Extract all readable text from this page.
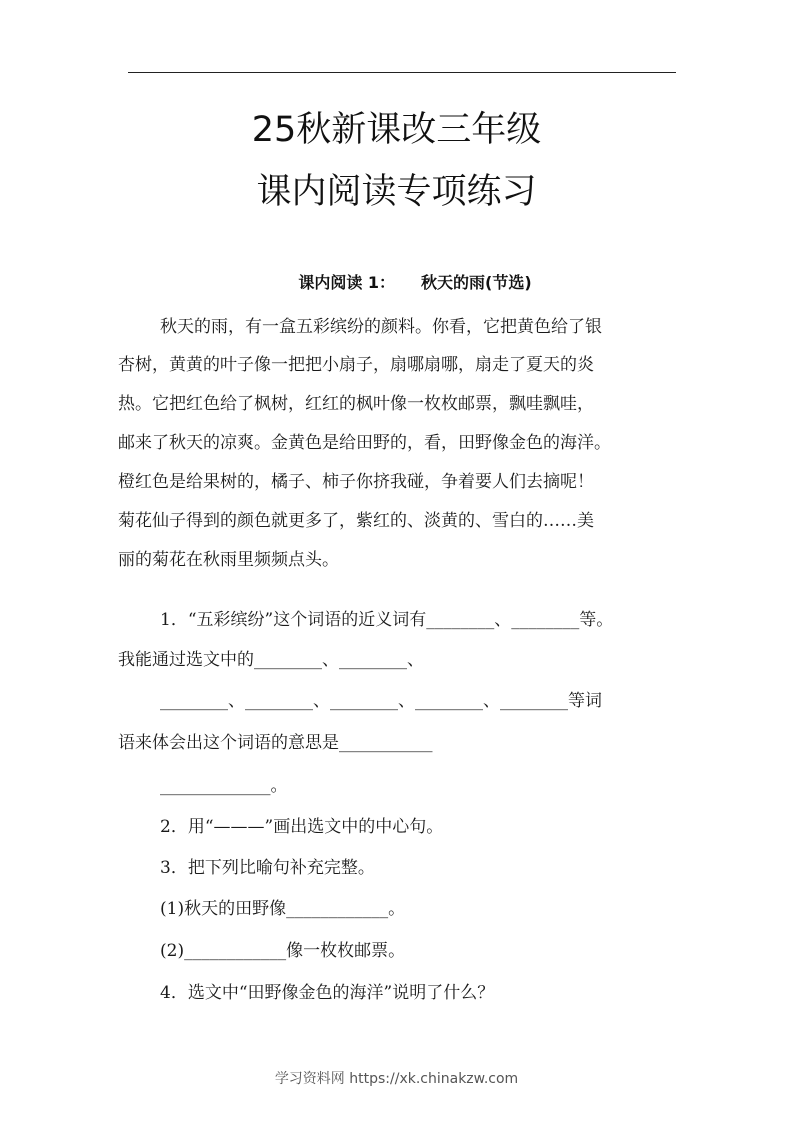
25秋新课改三年级
课内阅读专项练习
课内阅读 1： 秋天的雨(节选)
秋天的雨，有一盒五彩缤纷的颜料。你看，它把黄色给了银
杏树，黄黄的叶子像一把把小扇子，扇哪扇哪，扇走了夏天的炎
热。它把红色给了枫树，红红的枫叶像一枚枚邮票，飘哇飘哇，
邮来了秋天的凉爽。金黄色是给田野的，看，田野像金色的海洋。
橙红色是给果树的，橘子、柿子你挤我碰，争着要人们去摘呢！
菊花仙子得到的颜色就更多了，紫红的、淡黄的、雪白的……美
丽的菊花在秋雨里频频点头。
1．“五彩缤纷”这个词语的近义词有________、________等。
我能通过选文中的________、________、
________、________、________、________、________等词
语来体会出这个词语的意思是___________
_____________。
2．用“———”画出选文中的中心句。
3．把下列比喻句补充完整。
(1)秋天的田野像____________。
(2)____________像一枚枚邮票。
4．选文中“田野像金色的海洋”说明了什么？
学习资料网 https://xk.chinakzw.com
